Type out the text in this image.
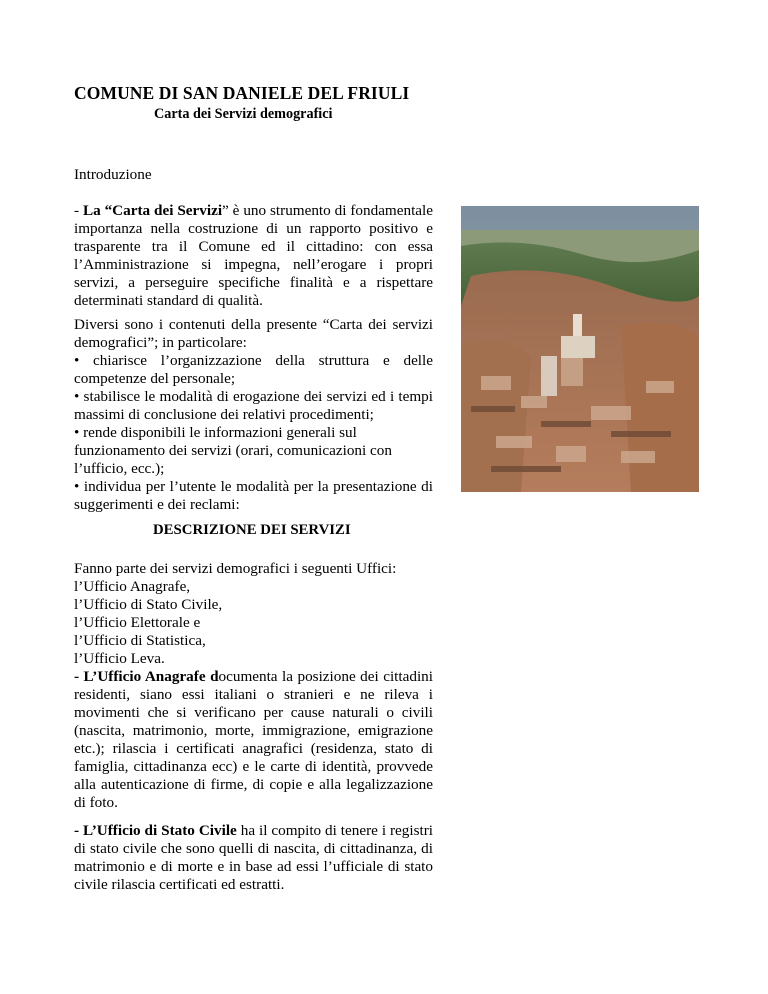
COMUNE DI SAN DANIELE DEL FRIULI
Carta dei Servizi demografici
Introduzione

- La “Carta dei Servizi” è uno strumento di fondamentale importanza nella costruzione di un rapporto positivo e trasparente tra il Comune ed il cittadino: con essa l’Amministrazione si impegna, nell’erogare i propri servizi, a perseguire specifiche finalità e a rispettare determinati standard di qualità.

Diversi sono i contenuti della presente “Carta dei servizi demografici”; in particolare:

• chiarisce l’organizzazione della struttura e delle competenze del personale;

• stabilisce le modalità di erogazione dei servizi ed i tempi massimi di conclusione dei relativi procedimenti;

• rende disponibili le informazioni generali sul funzionamento dei servizi (orari, comunicazioni con

l’ufficio, ecc.);

• individua per l’utente le modalità per la presentazione di suggerimenti e dei reclami:

DESCRIZIONE DEI SERVIZI

Fanno parte dei servizi demografici i seguenti Uffici:

l’Ufficio Anagrafe,

l’Ufficio di Stato Civile,

l’Ufficio Elettorale e

l’Ufficio di Statistica,

l’Ufficio Leva.

- L’Ufficio Anagrafe documenta la posizione dei cittadini residenti, siano essi italiani o stranieri e ne rileva i movimenti che si verificano per cause naturali o civili (nascita, matrimonio, morte, immigrazione, emigrazione etc.); rilascia i certificati anagrafici (residenza, stato di famiglia, cittadinanza ecc) e le carte di identità, provvede alla autenticazione di firme, di copie e alla legalizzazione di foto.

- L’Ufficio di Stato Civile ha il compito di tenere i registri di stato civile che sono quelli di nascita, di cittadinanza, di matrimonio e di morte e in base ad essi l’ufficiale di stato civile rilascia certificati ed estratti.
